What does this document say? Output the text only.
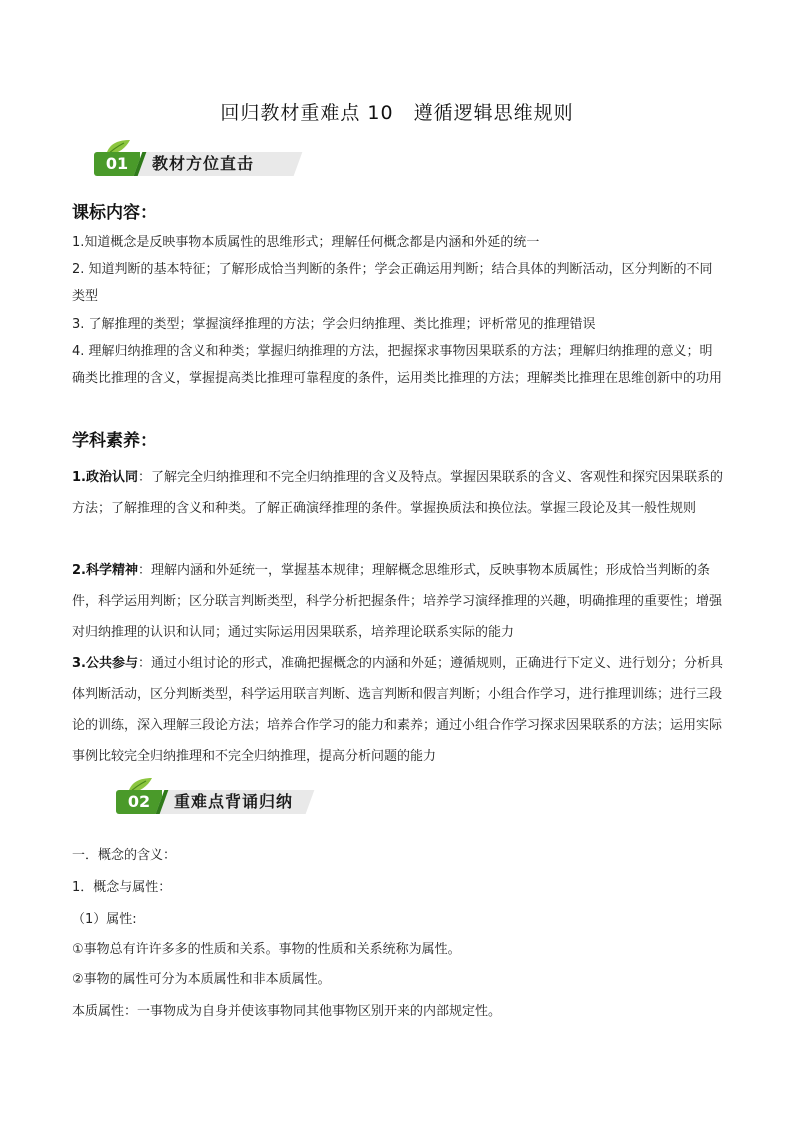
回归教材重难点 10　遵循逻辑思维规则
01	教材方位直击
课标内容：
1.知道概念是反映事物本质属性的思维形式；理解任何概念都是内涵和外延的统一
2. 知道判断的基本特征；了解形成恰当判断的条件；学会正确运用判断；结合具体的判断活动，区分判断的不同类型
3. 了解推理的类型；掌握演绎推理的方法；学会归纳推理、类比推理；评析常见的推理错误
4. 理解归纳推理的含义和种类；掌握归纳推理的方法，把握探求事物因果联系的方法；理解归纳推理的意义；明确类比推理的含义，掌握提高类比推理可靠程度的条件，运用类比推理的方法；理解类比推理在思维创新中的功用
学科素养：
1.政治认同：了解完全归纳推理和不完全归纳推理的含义及特点。掌握因果联系的含义、客观性和探究因果联系的方法；了解推理的含义和种类。了解正确演绎推理的条件。掌握换质法和换位法。掌握三段论及其一般性规则
2.科学精神：理解内涵和外延统一，掌握基本规律；理解概念思维形式，反映事物本质属性；形成恰当判断的条件，科学运用判断；区分联言判断类型，科学分析把握条件；培养学习演绎推理的兴趣，明确推理的重要性；增强对归纳推理的认识和认同；通过实际运用因果联系，培养理论联系实际的能力
3.公共参与：通过小组讨论的形式，准确把握概念的内涵和外延；遵循规则，正确进行下定义、进行划分；分析具体判断活动，区分判断类型，科学运用联言判断、选言判断和假言判断；小组合作学习，进行推理训练；进行三段论的训练，深入理解三段论方法；培养合作学习的能力和素养；通过小组合作学习探求因果联系的方法；运用实际事例比较完全归纳推理和不完全归纳推理，提高分析问题的能力
02	重难点背诵归纳
一．概念的含义：
1．概念与属性：
（1）属性:
①事物总有许许多多的性质和关系。事物的性质和关系统称为属性。
②事物的属性可分为本质属性和非本质属性。
本质属性：一事物成为自身并使该事物同其他事物区别开来的内部规定性。
